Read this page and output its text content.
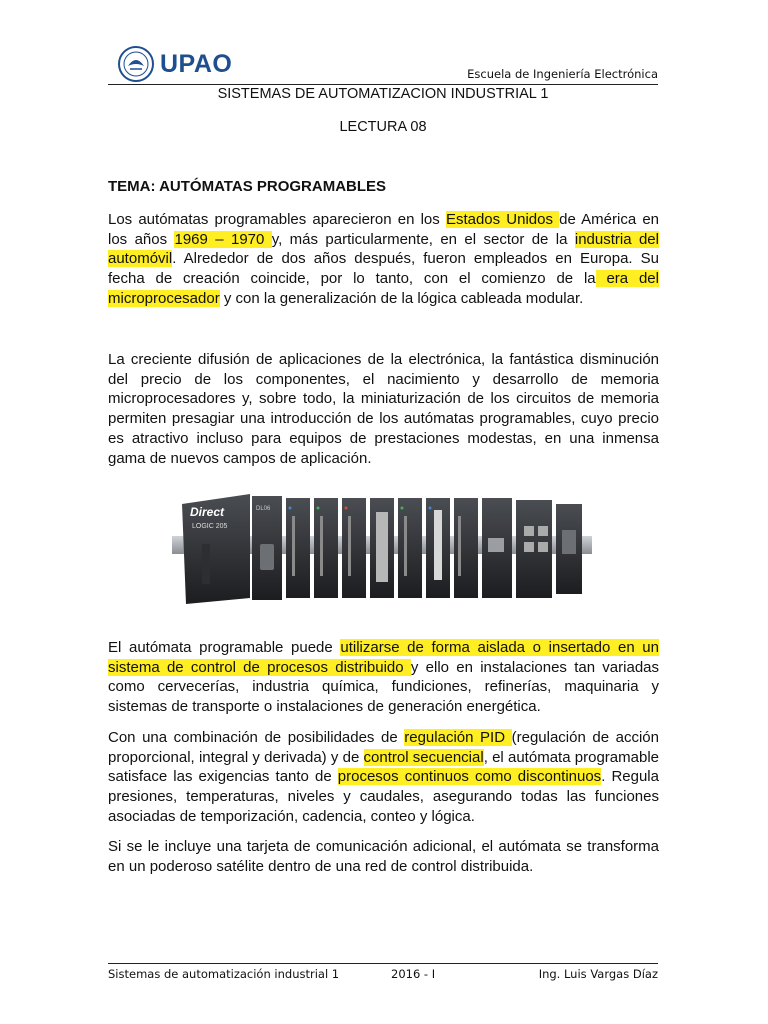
UPAO	Escuela de Ingeniería Electrónica
SISTEMAS DE AUTOMATIZACION INDUSTRIAL 1
LECTURA 08
TEMA: AUTÓMATAS PROGRAMABLES

Los autómatas programables aparecieron en los Estados Unidos de América en los años 1969 – 1970 y, más particularmente, en el sector de la industria del automóvil. Alrededor de dos años después, fueron empleados en Europa. Su fecha de creación coincide, por lo tanto, con el comienzo de la era del microprocesador y con la generalización de la lógica cableada modular.

La creciente difusión de aplicaciones de la electrónica, la fantástica disminución del precio de los componentes, el nacimiento y desarrollo de memoria microprocesadores y, sobre todo, la miniaturización de los circuitos de memoria permiten presagiar una introducción de los autómatas programables, cuyo precio es atractivo incluso para equipos de prestaciones modestas, en una inmensa gama de nuevos campos de aplicación.

Direct
LOGIC 205
DL06

El autómata programable puede utilizarse de forma aislada o insertado en un sistema de control de procesos distribuido y ello en instalaciones tan variadas como cervecerías, industria química, fundiciones, refinerías, maquinaria y sistemas de transporte o instalaciones de generación energética.

Con una combinación de posibilidades de regulación PID (regulación de acción proporcional, integral y derivada) y de control secuencial, el autómata programable satisface las exigencias tanto de procesos continuos como discontinuos. Regula presiones, temperaturas, niveles y caudales, asegurando todas las funciones asociadas de temporización, cadencia, conteo y lógica.

Si se le incluye una tarjeta de comunicación adicional, el autómata se transforma en un poderoso satélite dentro de una red de control distribuida.

Sistemas de automatización industrial 1	2016 - I	Ing. Luis Vargas Díaz
